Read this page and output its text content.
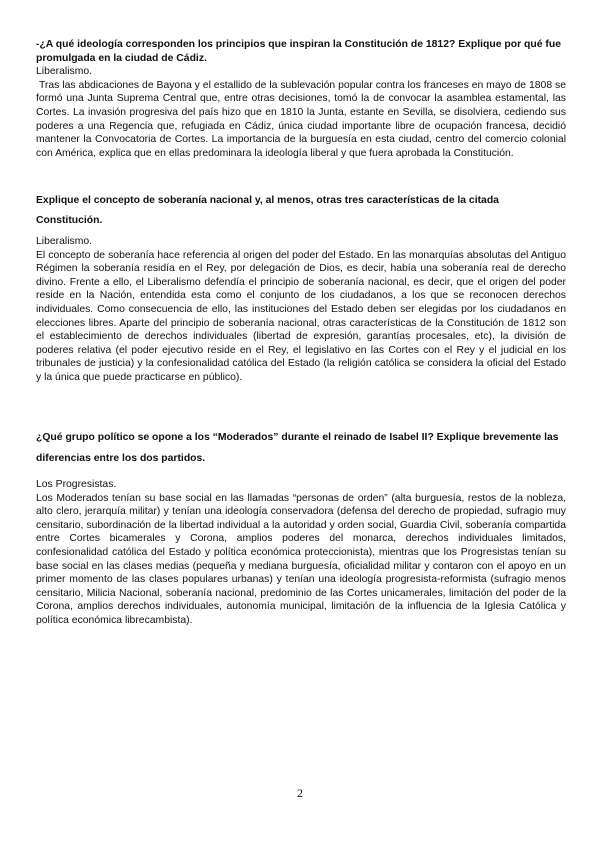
-¿A qué ideología corresponden los principios que inspiran la Constitución de 1812? Explique por qué fue promulgada en la ciudad de Cádiz.

Liberalismo.

Tras las abdicaciones de Bayona y el estallido de la sublevación popular contra los franceses en mayo de 1808 se formó una Junta Suprema Central que, entre otras decisiones, tomó la de convocar la asamblea estamental, las Cortes. La invasión progresiva del país hizo que en 1810 la Junta, estante en Sevilla, se disolviera, cediendo sus poderes a una Regencia que, refugiada en Cádiz, única ciudad importante libre de ocupación francesa, decidió mantener la Convocatoria de Cortes. La importancia de la burguesía en esta ciudad, centro del comercio colonial con América, explica que en ellas predominara la ideología liberal y que fuera aprobada la Constitución.

Explique el concepto de soberanía nacional y, al menos, otras tres características de la citada Constitución.

Liberalismo.

El concepto de soberanía hace referencia al origen del poder del Estado. En las monarquías absolutas del Antiguo Régimen la soberanía residía en el Rey, por delegación de Dios, es decir, había una soberanía real de derecho divino. Frente a ello, el Liberalismo defendía el principio de soberanía nacional, es decir, que el origen del poder reside en la Nación, entendida esta como el conjunto de los ciudadanos, a los que se reconocen derechos individuales. Como consecuencia de ello, las instituciones del Estado deben ser elegidas por los ciudadanos en elecciones libres. Aparte del principio de soberanía nacional, otras características de la Constitución de 1812 son el establecimiento de derechos individuales (libertad de expresión, garantías procesales, etc), la división de poderes relativa (el poder ejecutivo reside en el Rey, el legislativo en las Cortes con el Rey y el judicial en los tribunales de justicia) y la confesionalidad católica del Estado (la religión católica se considera la oficial del Estado y la única que puede practicarse en público).

¿Qué grupo político se opone a los “Moderados” durante el reinado de Isabel II? Explique brevemente las diferencias entre los dos partidos.

Los Progresistas.

Los Moderados tenían su base social en las llamadas “personas de orden” (alta burguesía, restos de la nobleza, alto clero, jerarquía militar) y tenían una ideología conservadora (defensa del derecho de propiedad, sufragio muy censitario, subordinación de la libertad individual a la autoridad y orden social, Guardia Civil, soberanía compartida entre Cortes bicamerales y Corona, amplios poderes del monarca, derechos individuales limitados, confesionalidad católica del Estado y política económica proteccionista), mientras que los Progresistas tenían su base social en las clases medias (pequeña y mediana burguesía, oficialidad militar y contaron con el apoyo en un primer momento de las clases populares urbanas) y tenían una ideología progresista-reformista (sufragio menos censitario, Milicia Nacional, soberanía nacional, predominio de las Cortes unicamerales, limitación del poder de la Corona, amplios derechos individuales, autonomía municipal, limitación de la influencia de la Iglesia Católica y política económica librecambista).

2
